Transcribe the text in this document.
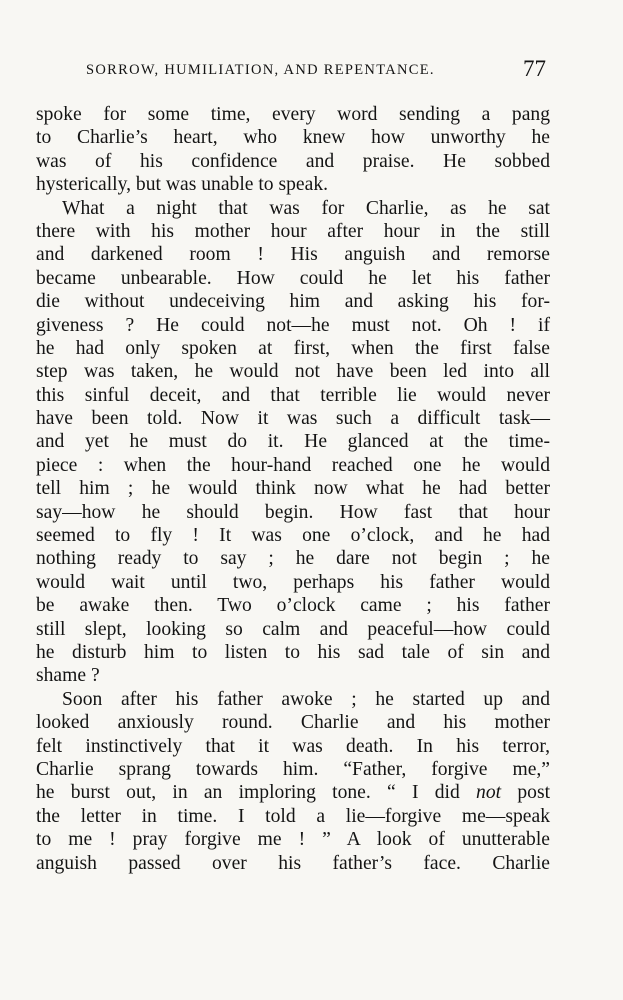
SORROW, HUMILIATION, AND REPENTANCE.	77
spoke for some time, every word sending a pang
to Charlie’s heart, who knew how unworthy he
was of his confidence and praise. He sobbed
hysterically, but was unable to speak.
What a night that was for Charlie, as he sat
there with his mother hour after hour in the still
and darkened room ! His anguish and remorse
became unbearable. How could he let his father
die without undeceiving him and asking his for-
giveness ? He could not—he must not. Oh ! if
he had only spoken at first, when the first false
step was taken, he would not have been led into all
this sinful deceit, and that terrible lie would never
have been told. Now it was such a difficult task—
and yet he must do it. He glanced at the time-
piece : when the hour-hand reached one he would
tell him ; he would think now what he had better
say—how he should begin. How fast that hour
seemed to fly ! It was one o’clock, and he had
nothing ready to say ; he dare not begin ; he
would wait until two, perhaps his father would
be awake then. Two o’clock came ; his father
still slept, looking so calm and peaceful—how could
he disturb him to listen to his sad tale of sin and
shame ?
Soon after his father awoke ; he started up and
looked anxiously round. Charlie and his mother
felt instinctively that it was death. In his terror,
Charlie sprang towards him. “Father, forgive me,”
he burst out, in an imploring tone. “ I did not post
the letter in time. I told a lie—forgive me—speak
to me ! pray forgive me ! ” A look of unutterable
anguish passed over his father’s face. Charlie
